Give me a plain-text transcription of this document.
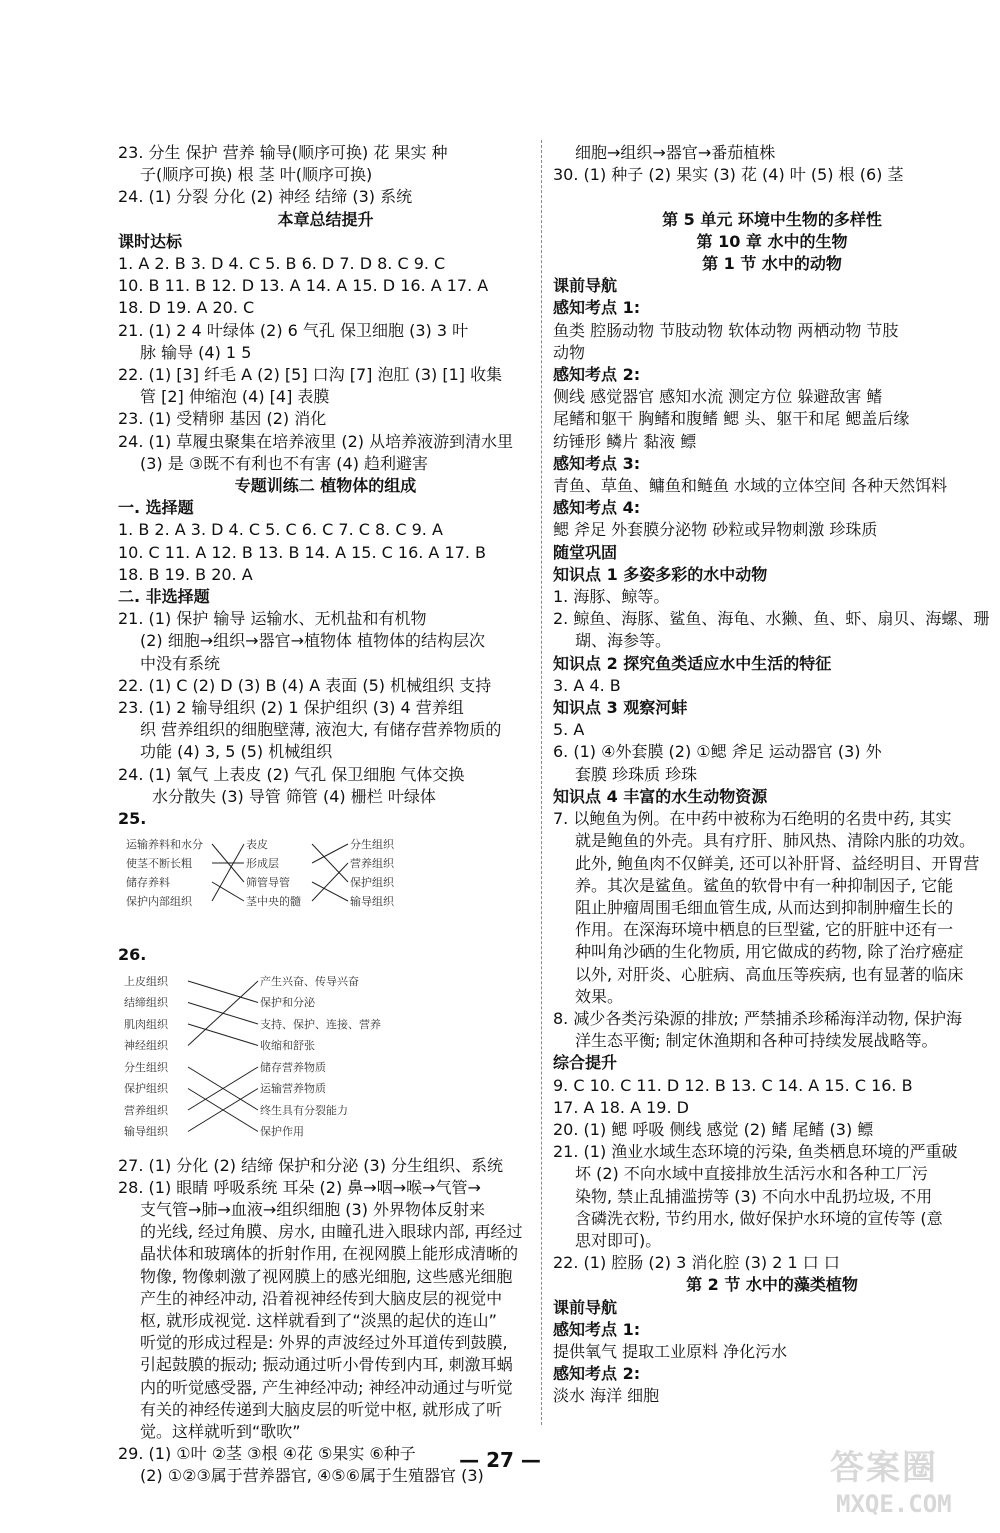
23. 分生 保护 营养 输导(顺序可换) 花 果实 种

子(顺序可换) 根 茎 叶(顺序可换)

24. (1) 分裂 分化 (2) 神经 结缔 (3) 系统

本章总结提升

课时达标

1. A 2. B 3. D 4. C 5. B 6. D 7. D 8. C 9. C

10. B 11. B 12. D 13. A 14. A 15. D 16. A 17. A

18. D 19. A 20. C

21. (1) 2 4 叶绿体 (2) 6 气孔 保卫细胞 (3) 3 叶

脉 输导 (4) 1 5

22. (1) [3] 纤毛 A (2) [5] 口沟 [7] 泡肛 (3) [1] 收集

管 [2] 伸缩泡 (4) [4] 表膜

23. (1) 受精卵 基因 (2) 消化

24. (1) 草履虫聚集在培养液里 (2) 从培养液游到清水里

(3) 是 ③既不有利也不有害 (4) 趋利避害

专题训练二 植物体的组成

一. 选择题

1. B 2. A 3. D 4. C 5. C 6. C 7. C 8. C 9. A

10. C 11. A 12. B 13. B 14. A 15. C 16. A 17. B

18. B 19. B 20. A

二. 非选择题

21. (1) 保护 输导 运输水、无机盐和有机物

(2) 细胞→组织→器官→植物体 植物体的结构层次

中没有系统

22. (1) C (2) D (3) B (4) A 表面 (5) 机械组织 支持

23. (1) 2 输导组织 (2) 1 保护组织 (3) 4 营养组

织 营养组织的细胞壁薄, 液泡大, 有储存营养物质的

功能 (4) 3, 5 (5) 机械组织

24. (1) 氧气 上表皮 (2) 气孔 保卫细胞 气体交换

水分散失 (3) 导管 筛管 (4) 栅栏 叶绿体

25.

运输养料和水分
使茎不断长粗
储存养料
保护内部组织
表皮
形成层
筛管导管
茎中央的髓
分生组织
营养组织
保护组织
输导组织

26.

上皮组织
结缔组织
肌肉组织
神经组织
分生组织
保护组织
营养组织
输导组织
产生兴奋、传导兴奋
保护和分泌
支持、保护、连接、营养
收缩和舒张
储存营养物质
运输营养物质
终生具有分裂能力
保护作用

27. (1) 分化 (2) 结缔 保护和分泌 (3) 分生组织、系统

28. (1) 眼睛 呼吸系统 耳朵 (2) 鼻→咽→喉→气管→

支气管→肺→血液→组织细胞 (3) 外界物体反射来

的光线, 经过角膜、房水, 由瞳孔进入眼球内部, 再经过

晶状体和玻璃体的折射作用, 在视网膜上能形成清晰的

物像, 物像刺激了视网膜上的感光细胞, 这些感光细胞

产生的神经冲动, 沿着视神经传到大脑皮层的视觉中

枢, 就形成视觉. 这样就看到了“淡黑的起伏的连山”

听觉的形成过程是: 外界的声波经过外耳道传到鼓膜,

引起鼓膜的振动; 振动通过听小骨传到内耳, 刺激耳蜗

内的听觉感受器, 产生神经冲动; 神经冲动通过与听觉

有关的神经传递到大脑皮层的听觉中枢, 就形成了听

觉。这样就听到“歌吹”

29. (1) ①叶 ②茎 ③根 ④花 ⑤果实 ⑥种子

(2) ①②③属于营养器官, ④⑤⑥属于生殖器官 (3)

细胞→组织→器官→番茄植株

30. (1) 种子 (2) 果实 (3) 花 (4) 叶 (5) 根 (6) 茎

第 5 单元 环境中生物的多样性

第 10 章 水中的生物

第 1 节 水中的动物

课前导航

感知考点 1:

鱼类 腔肠动物 节肢动物 软体动物 两栖动物 节肢

动物

感知考点 2:

侧线 感觉器官 感知水流 测定方位 躲避敌害 鳍

尾鳍和躯干 胸鳍和腹鳍 鳃 头、躯干和尾 鳃盖后缘

纺锤形 鳞片 黏液 鳔

感知考点 3:

青鱼、草鱼、鳙鱼和鲢鱼 水域的立体空间 各种天然饵料

感知考点 4:

鳃 斧足 外套膜分泌物 砂粒或异物刺激 珍珠质

随堂巩固

知识点 1 多姿多彩的水中动物

1. 海豚、鲸等。

2. 鲸鱼、海豚、鲨鱼、海龟、水獭、鱼、虾、扇贝、海螺、珊

瑚、海参等。

知识点 2 探究鱼类适应水中生活的特征

3. A 4. B

知识点 3 观察河蚌

5. A

6. (1) ④外套膜 (2) ①鳃 斧足 运动器官 (3) 外

套膜 珍珠质 珍珠

知识点 4 丰富的水生动物资源

7. 以鲍鱼为例。在中药中被称为石绝明的名贵中药, 其实

就是鲍鱼的外壳。具有疗肝、肺风热、清除内胀的功效。

此外, 鲍鱼肉不仅鲜美, 还可以补肝肾、益经明目、开胃营

养。其次是鲨鱼。鲨鱼的软骨中有一种抑制因子, 它能

阻止肿瘤周围毛细血管生成, 从而达到抑制肿瘤生长的

作用。在深海环境中栖息的巨型鲨, 它的肝脏中还有一

种叫角沙硒的生化物质, 用它做成的药物, 除了治疗癌症

以外, 对肝炎、心脏病、高血压等疾病, 也有显著的临床

效果。

8. 减少各类污染源的排放; 严禁捕杀珍稀海洋动物, 保护海

洋生态平衡; 制定休渔期和各种可持续发展战略等。

综合提升

9. C 10. C 11. D 12. B 13. C 14. A 15. C 16. B

17. A 18. A 19. D

20. (1) 鳃 呼吸 侧线 感觉 (2) 鳍 尾鳍 (3) 鳔

21. (1) 渔业水域生态环境的污染, 鱼类栖息环境的严重破

坏 (2) 不向水域中直接排放生活污水和各种工厂污

染物, 禁止乱捕滥捞等 (3) 不向水中乱扔垃圾, 不用

含磷洗衣粉, 节约用水, 做好保护水环境的宣传等 (意

思对即可)。

22. (1) 腔肠 (2) 3 消化腔 (3) 2 1 口 口

第 2 节 水中的藻类植物

课前导航

感知考点 1:

提供氧气 提取工业原料 净化污水

感知考点 2:

淡水 海洋 细胞

— 27 —	答案圈
MXQE.COM
